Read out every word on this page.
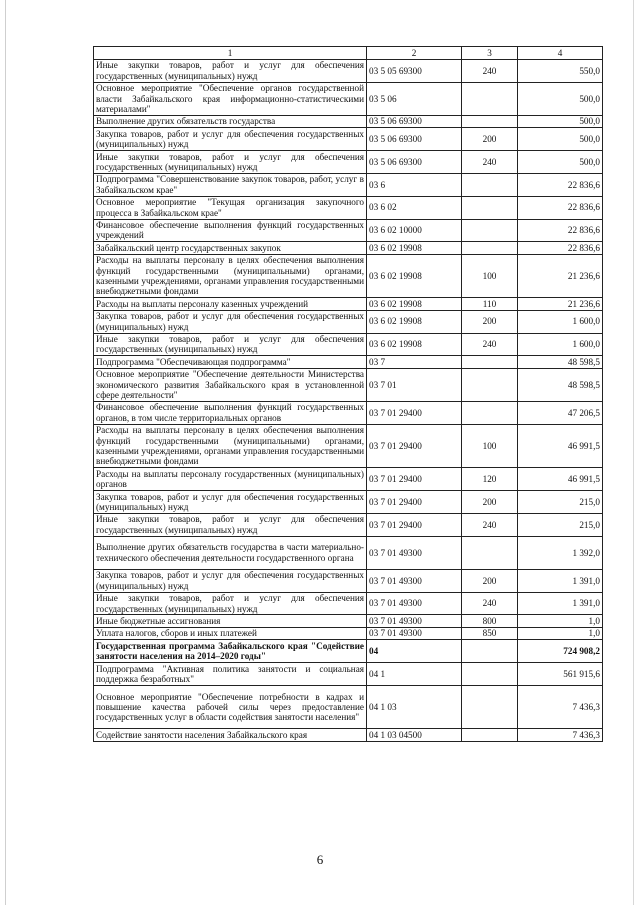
1	2	3	4
Иные закупки товаров, работ и услуг для обеспечения государственных (муниципальных) нужд	03 5 05 69300	240	550,0
Основное мероприятие "Обеспечение органов государственной власти Забайкальского края информационно-статистическими материалами"	03 5 06		500,0
Выполнение других обязательств государства	03 5 06 69300		500,0
Закупка товаров, работ и услуг для обеспечения государственных (муниципальных) нужд	03 5 06 69300	200	500,0
Иные закупки товаров, работ и услуг для обеспечения государственных (муниципальных) нужд	03 5 06 69300	240	500,0
Подпрограмма "Совершенствование закупок товаров, работ, услуг в Забайкальском крае"	03 6		22 836,6
Основное мероприятие "Текущая организация закупочного процесса в Забайкальском крае"	03 6 02		22 836,6
Финансовое обеспечение выполнения функций государственных учреждений	03 6 02 10000		22 836,6
Забайкальский центр государственных закупок	03 6 02 19908		22 836,6
Расходы на выплаты персоналу в целях обеспечения выполнения функций государственными (муниципальными) органами, казенными учреждениями, органами управления государственными внебюджетными фондами	03 6 02 19908	100	21 236,6
Расходы на выплаты персоналу казенных учреждений	03 6 02 19908	110	21 236,6
Закупка товаров, работ и услуг для обеспечения государственных (муниципальных) нужд	03 6 02 19908	200	1 600,0
Иные закупки товаров, работ и услуг для обеспечения государственных (муниципальных) нужд	03 6 02 19908	240	1 600,0
Подпрограмма "Обеспечивающая подпрограмма"	03 7		48 598,5
Основное мероприятие "Обеспечение деятельности Министерства экономического развития Забайкальского края в установленной сфере деятельности"	03 7 01		48 598,5
Финансовое обеспечение выполнения функций государственных органов, в том числе территориальных органов	03 7 01 29400		47 206,5
Расходы на выплаты персоналу в целях обеспечения выполнения функций государственными (муниципальными) органами, казенными учреждениями, органами управления государственными внебюджетными фондами	03 7 01 29400	100	46 991,5
Расходы на выплаты персоналу государственных (муниципальных) органов	03 7 01 29400	120	46 991,5
Закупка товаров, работ и услуг для обеспечения государственных (муниципальных) нужд	03 7 01 29400	200	215,0
Иные закупки товаров, работ и услуг для обеспечения государственных (муниципальных) нужд	03 7 01 29400	240	215,0
Выполнение других обязательств государства в части материально-технического обеспечения деятельности государственного органа	03 7 01 49300		1 392,0
Закупка товаров, работ и услуг для обеспечения государственных (муниципальных) нужд	03 7 01 49300	200	1 391,0
Иные закупки товаров, работ и услуг для обеспечения государственных (муниципальных) нужд	03 7 01 49300	240	1 391,0
Иные бюджетные ассигнования	03 7 01 49300	800	1,0
Уплата налогов, сборов и иных платежей	03 7 01 49300	850	1,0
Государственная программа Забайкальского края "Содействие занятости населения на 2014–2020 годы"	04		724 908,2
Подпрограмма "Активная политика занятости и социальная поддержка безработных"	04 1		561 915,6
Основное мероприятие "Обеспечение потребности в кадрах и повышение качества рабочей силы через предоставление государственных услуг в области содействия занятости населения"	04 1 03		7 436,3
Содействие занятости населения Забайкальского края	04 1 03 04500		7 436,3
6
